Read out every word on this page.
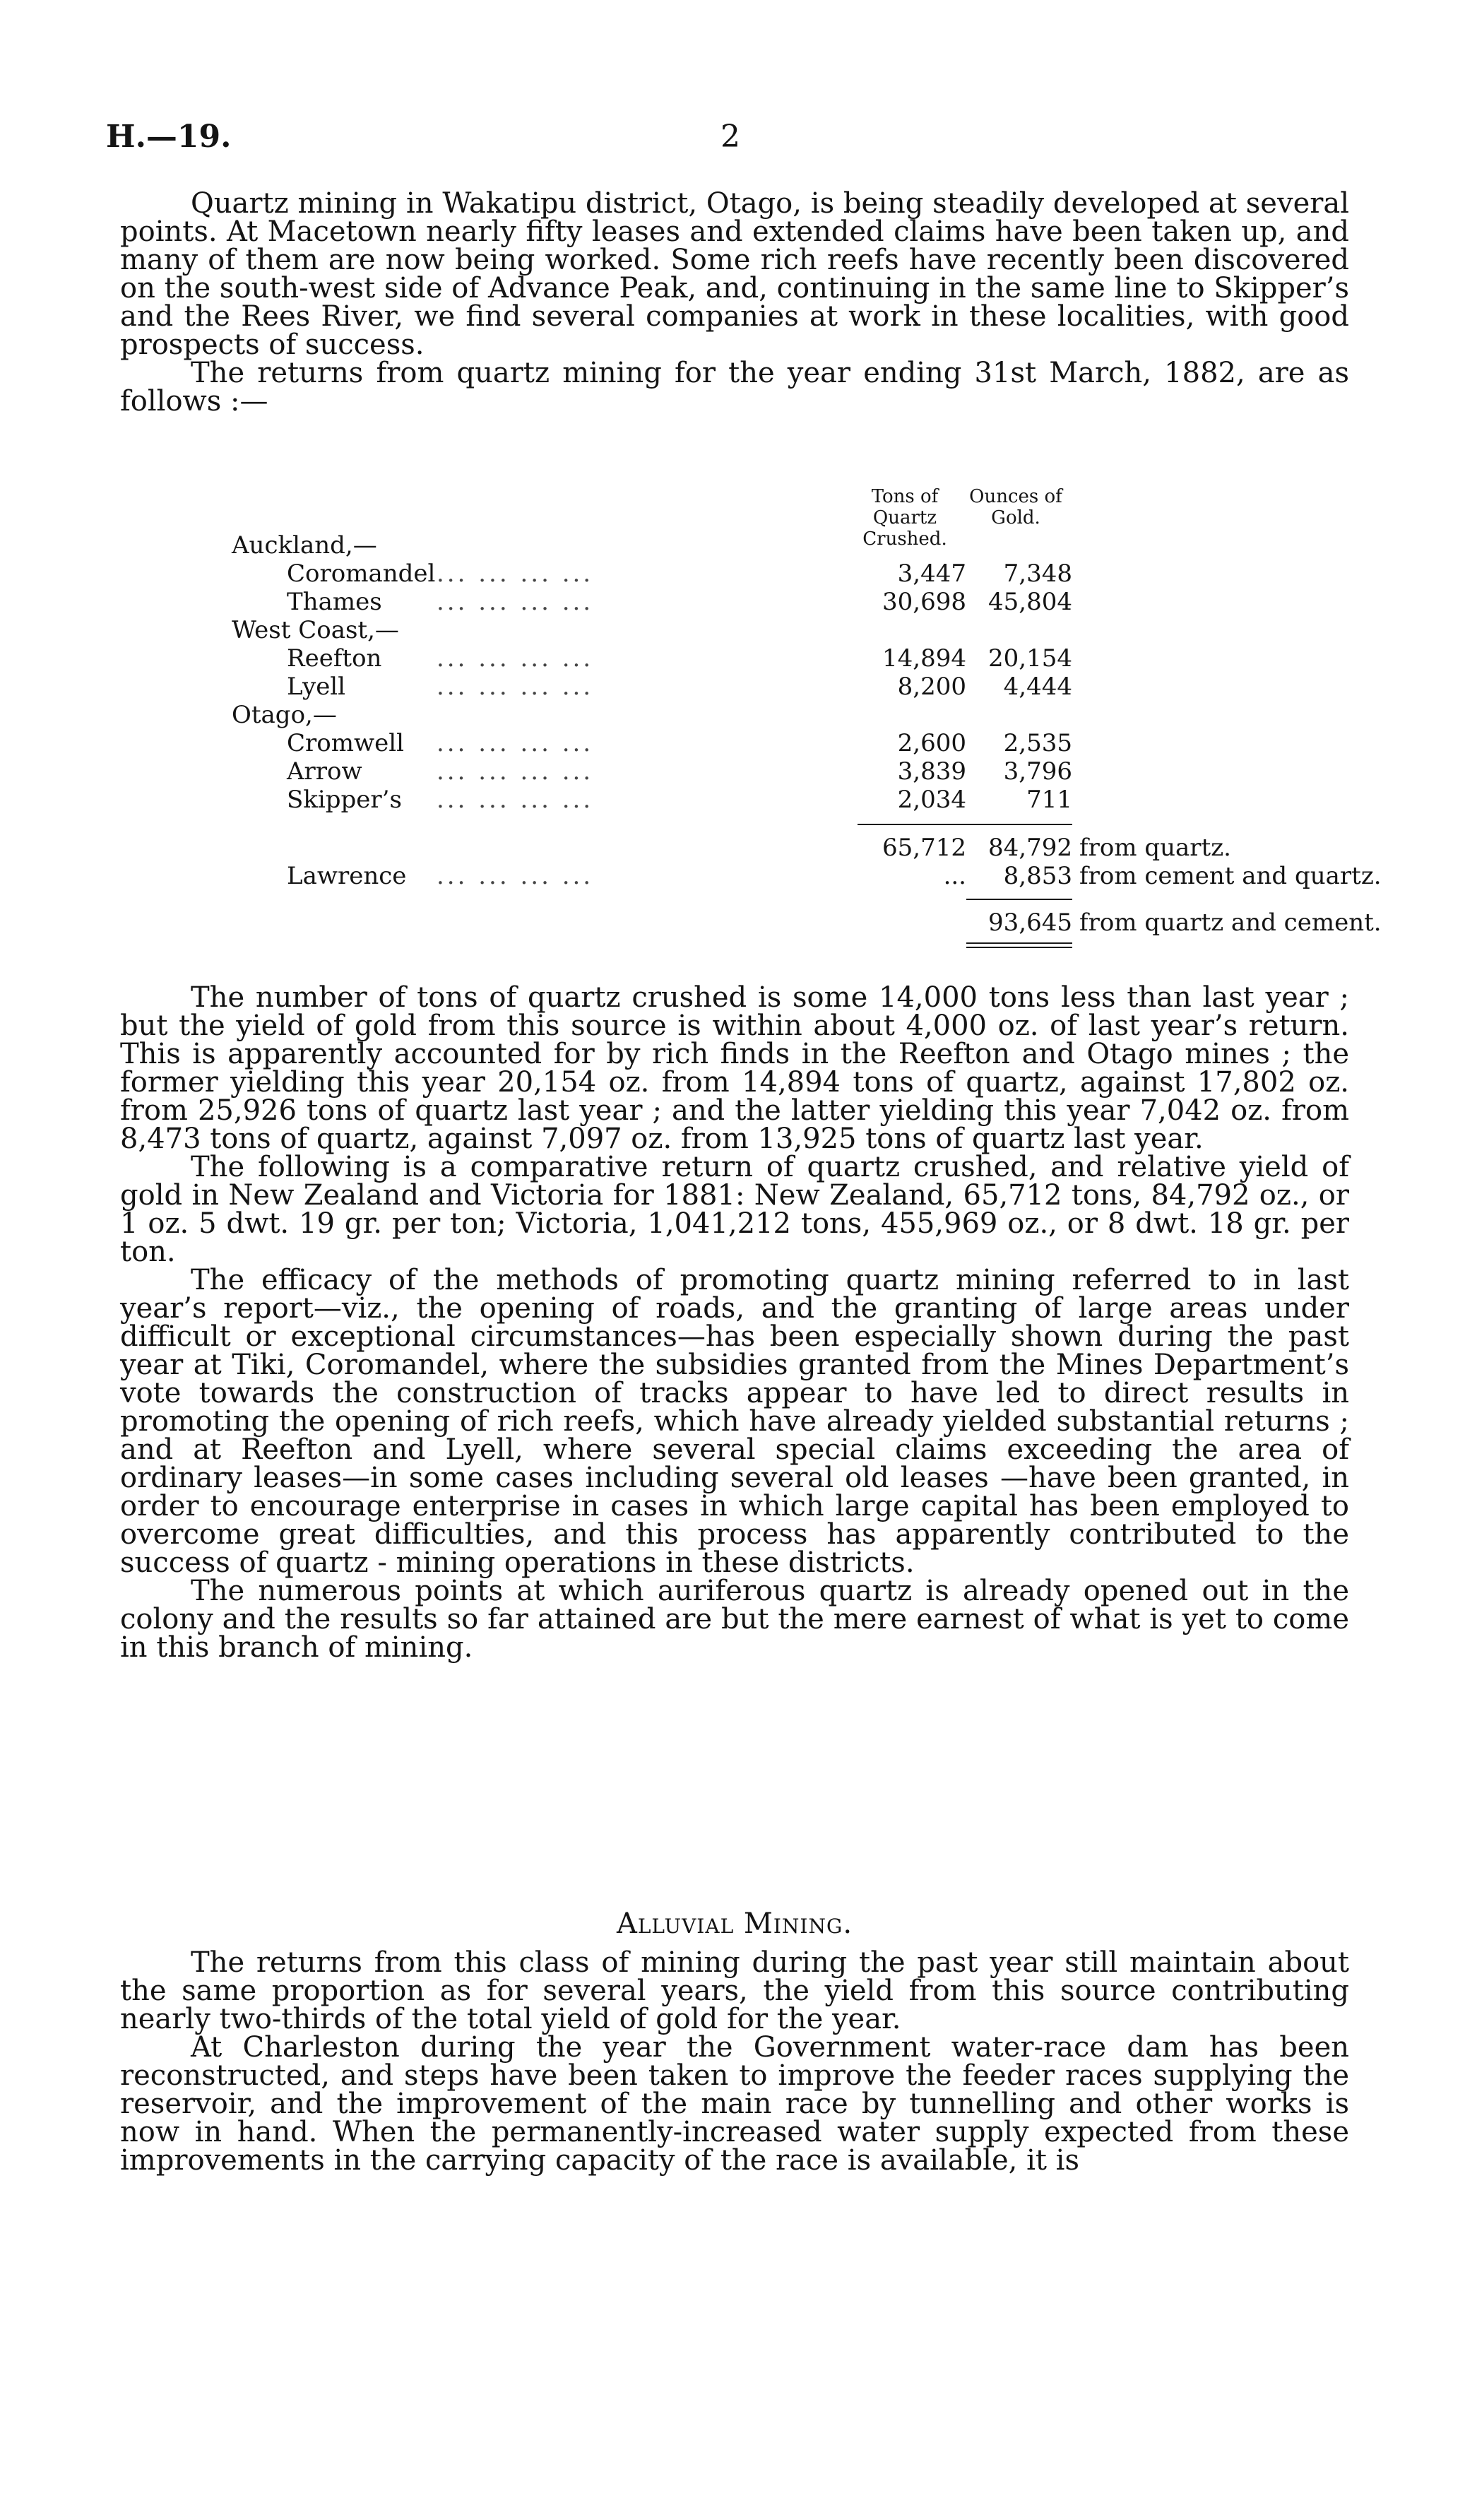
H.—19.	2

Quartz mining in Wakatipu district, Otago, is being steadily developed at several points. At Macetown nearly fifty leases and extended claims have been taken up, and many of them are now being worked. Some rich reefs have recently been discovered on the south-west side of Advance Peak, and, continuing in the same line to Skipper’s and the Rees River, we find several companies at work in these localities, with good prospects of success.

The returns from quartz mining for the year ending 31st March, 1882, are as follows :—

Tons of Quartz Crushed.
Ounces of Gold.
Auckland,—
Coromandel ... ... ... ...	3,447	7,348
Thames ... ... ... ...	30,698 45,804
West Coast,—
Reefton ... ... ... ...	14,894 20,154
Lyell	... ... ... ...	8,200	4,444
Otago,—
Cromwell ... ... ... ...	2,600	2,535
Arrow	... ... ... ...	3,839	3,796
Skipper’s ... ... ... ...	2,034	711
65,712 84,792 from quartz.
Lawrence ... ... ... ...	...	8,853 from cement and quartz.
93,645 from quartz and cement.

The number of tons of quartz crushed is some 14,000 tons less than last year ; but the yield of gold from this source is within about 4,000 oz. of last year’s return. This is apparently accounted for by rich finds in the Reefton and Otago mines ; the former yielding this year 20,154 oz. from 14,894 tons of quartz, against 17,802 oz. from 25,926 tons of quartz last year ; and the latter yielding this year 7,042 oz. from 8,473 tons of quartz, against 7,097 oz. from 13,925 tons of quartz last year.

The following is a comparative return of quartz crushed, and relative yield of gold in New Zealand and Victoria for 1881: New Zealand, 65,712 tons, 84,792 oz., or 1 oz. 5 dwt. 19 gr. per ton; Victoria, 1,041,212 tons, 455,969 oz., or 8 dwt. 18 gr. per ton.

The efficacy of the methods of promoting quartz mining referred to in last year’s report—viz., the opening of roads, and the granting of large areas under difficult or exceptional circumstances—has been especially shown during the past year at Tiki, Coromandel, where the subsidies granted from the Mines Department’s vote towards the construction of tracks appear to have led to direct results in promoting the opening of rich reefs, which have already yielded substantial returns ; and at Reefton and Lyell, where several special claims exceeding the area of ordinary leases—in some cases including several old leases —have been granted, in order to encourage enterprise in cases in which large capital has been employed to overcome great difficulties, and this process has apparently contributed to the success of quartz - mining operations in these districts.

The numerous points at which auriferous quartz is already opened out in the colony and the results so far attained are but the mere earnest of what is yet to come in this branch of mining.

Alluvial Mining.

The returns from this class of mining during the past year still maintain about the same proportion as for several years, the yield from this source contributing nearly two-thirds of the total yield of gold for the year.

At Charleston during the year the Government water-race dam has been reconstructed, and steps have been taken to improve the feeder races supplying the reservoir, and the improvement of the main race by tunnelling and other works is now in hand. When the permanently-increased water supply expected from these improvements in the carrying capacity of the race is available, it is
